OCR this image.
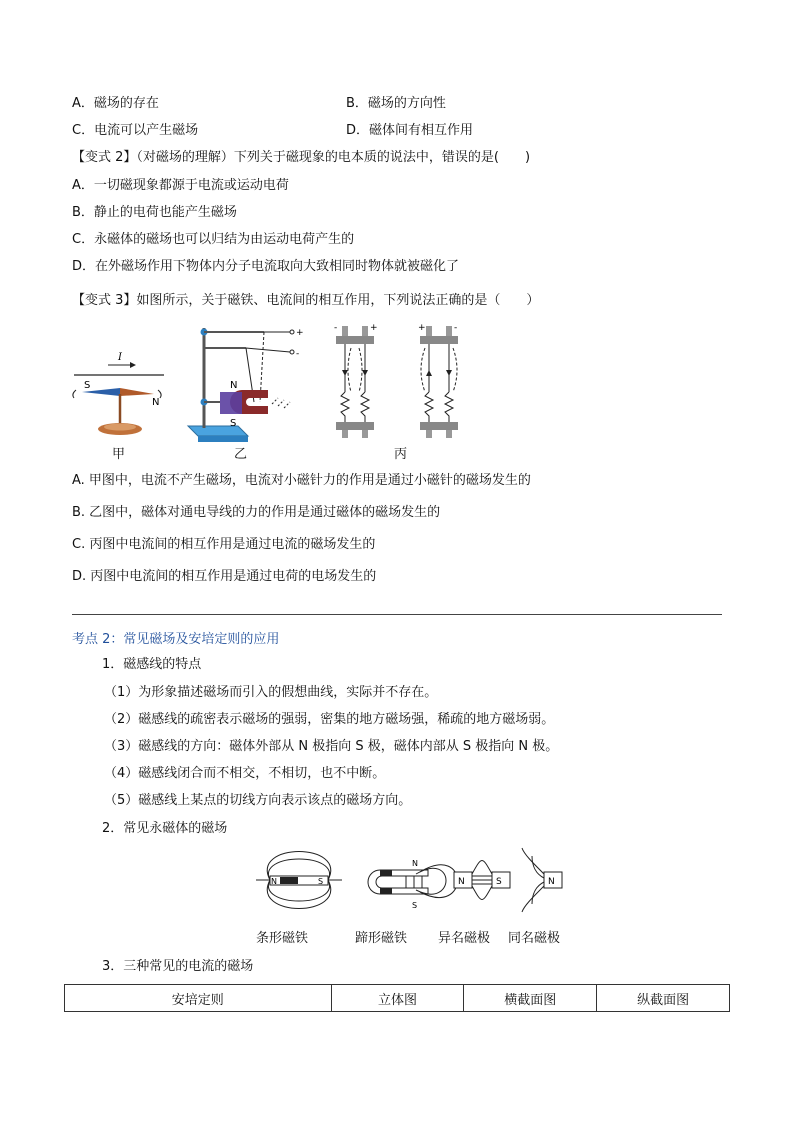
A．磁场的存在	B．磁场的方向性
C．电流可以产生磁场	D．磁体间有相互作用
【变式 2】（对磁场的理解）下列关于磁现象的电本质的说法中，错误的是(　　)
A．一切磁现象都源于电流或运动电荷
B．静止的电荷也能产生磁场
C．永磁体的磁场也可以归结为由运动电荷产生的
D．在外磁场作用下物体内分子电流取向大致相同时物体就被磁化了
【变式 3】如图所示，关于磁铁、电流间的相互作用，下列说法正确的是（　　）
I
S
N
甲
+
-
N
S
乙
-	+	+	-
丙
A. 甲图中，电流不产生磁场，电流对小磁针力的作用是通过小磁针的磁场发生的
B. 乙图中，磁体对通电导线的力的作用是通过磁体的磁场发生的
C. 丙图中电流间的相互作用是通过电流的磁场发生的
D. 丙图中电流间的相互作用是通过电荷的电场发生的
考点 2：常见磁场及安培定则的应用
1．磁感线的特点
（1）为形象描述磁场而引入的假想曲线，实际并不存在。
（2）磁感线的疏密表示磁场的强弱，密集的地方磁场强，稀疏的地方磁场弱。
（3）磁感线的方向：磁体外部从 N 极指向 S 极，磁体内部从 S 极指向 N 极。
（4）磁感线闭合而不相交，不相切，也不中断。
（5）磁感线上某点的切线方向表示该点的磁场方向。
2．常见永磁体的磁场
N	S
S
N
N	S	N
条形磁铁	蹄形磁铁 异名磁极 同名磁极
3．三种常见的电流的磁场
安培定则	立体图	横截面图	纵截面图
